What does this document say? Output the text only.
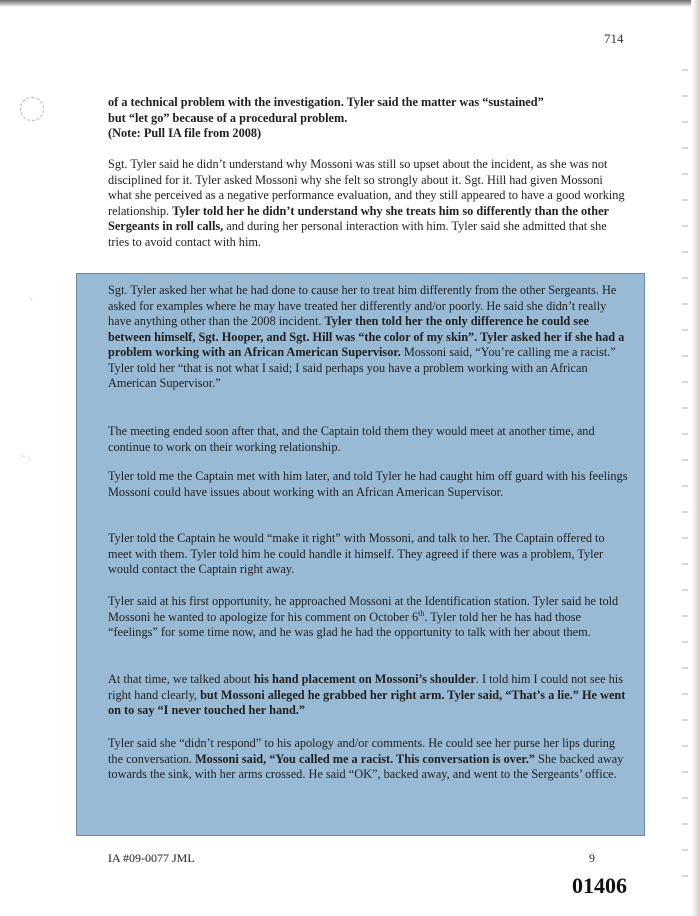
·
ˆ ·
714

of a technical problem with the investigation. Tyler said the matter was “sustained”

but “let go” because of a procedural problem.

(Note: Pull IA file from 2008)

Sgt. Tyler said he didn’t understand why Mossoni was still so upset about the incident, as she was not disciplined for it. Tyler asked Mossoni why she felt so strongly about it. Sgt. Hill had given Mossoni what she perceived as a negative performance evaluation, and they still appeared to have a good working relationship. Tyler told her he didn’t understand why she treats him so differently than the other Sergeants in roll calls, and during her personal interaction with him. Tyler said she admitted that she tries to avoid contact with him.

Sgt. Tyler asked her what he had done to cause her to treat him differently from the other Sergeants. He asked for examples where he may have treated her differently and/or poorly. He said she didn’t really have anything other than the 2008 incident. Tyler then told her the only difference he could see between himself, Sgt. Hooper, and Sgt. Hill was “the color of my skin”. Tyler asked her if she had a problem working with an African American Supervisor. Mossoni said, “You’re calling me a racist.” Tyler told her “that is not what I said; I said perhaps you have a problem working with an African American Supervisor.”

The meeting ended soon after that, and the Captain told them they would meet at another time, and continue to work on their working relationship.

Tyler told me the Captain met with him later, and told Tyler he had caught him off guard with his feelings Mossoni could have issues about working with an African American Supervisor.

Tyler told the Captain he would “make it right” with Mossoni, and talk to her. The Captain offered to meet with them. Tyler told him he could handle it himself. They agreed if there was a problem, Tyler would contact the Captain right away.

Tyler said at his first opportunity, he approached Mossoni at the Identification station. Tyler said he told Mossoni he wanted to apologize for his comment on October 6th. Tyler told her he has had those “feelings” for some time now, and he was glad he had the opportunity to talk with her about them.

At that time, we talked about his hand placement on Mossoni’s shoulder. I told him I could not see his right hand clearly, but Mossoni alleged he grabbed her right arm. Tyler said, “That’s a lie.” He went on to say “I never touched her hand.”

Tyler said she “didn’t respond” to his apology and/or comments. He could see her purse her lips during the conversation. Mossoni said, “You called me a racist. This conversation is over.” She backed away towards the sink, with her arms crossed. He said “OK”, backed away, and went to the Sergeants’ office.

IA #09-0077 JML	9
01406
